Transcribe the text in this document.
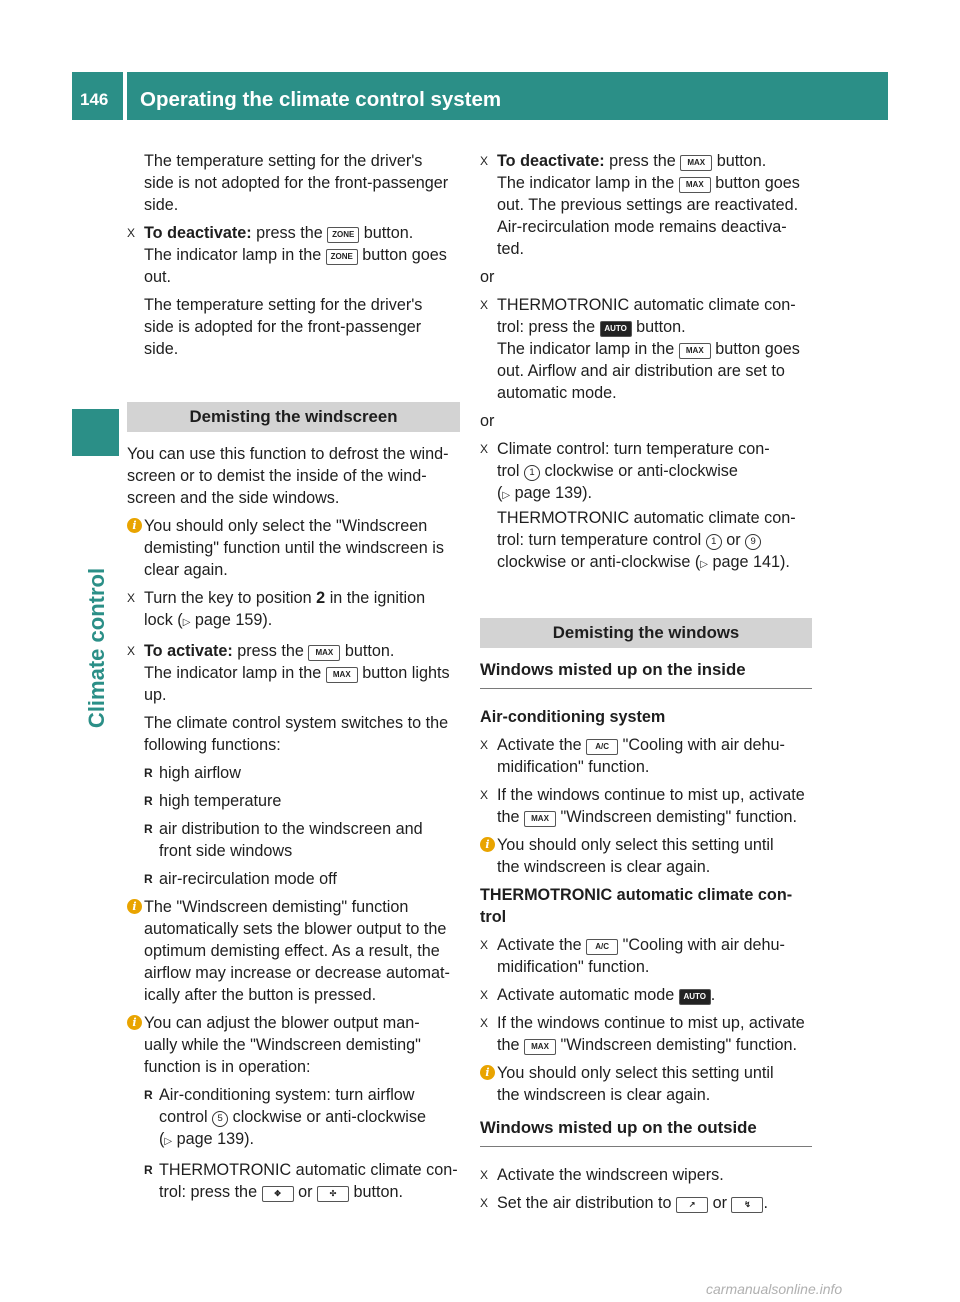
146 Operating the climate control system
Climate control

The temperature setting for the driver's

side is not adopted for the front-passenger

side.

X To deactivate: press the ZONE button.
The indicator lamp in the ZONE button goes
out.
The temperature setting for the driver's
side is adopted for the front-passenger
side.
Demisting the windscreen

You can use this function to defrost the wind-

screen or to demist the inside of the wind-

screen and the side windows.

i You should only select the "Windscreen
demisting" function until the windscreen is
clear again.
X Turn the key to position 2 in the ignition
lock (▷ page 159).
X To activate: press the MAX button.
The indicator lamp in the MAX button lights
up.
The climate control system switches to the
following functions:
R high airflow
R high temperature
R air distribution to the windscreen and
front side windows
R air-recirculation mode off
i The "Windscreen demisting" function
automatically sets the blower output to the
optimum demisting effect. As a result, the
airflow may increase or decrease automat-
ically after the button is pressed.
i You can adjust the blower output man-
ually while the "Windscreen demisting"
function is in operation:
R Air-conditioning system: turn airflow
control 5 clockwise or anti-clockwise
(▷ page 139).
R THERMOTRONIC automatic climate con-
trol: press the ✥ or ✣ button.
X To deactivate: press the MAX button.
The indicator lamp in the MAX button goes
out. The previous settings are reactivated.
Air-recirculation mode remains deactiva-
ted.

or

X THERMOTRONIC automatic climate con-
trol: press the AUTO button.
The indicator lamp in the MAX button goes
out. Airflow and air distribution are set to
automatic mode.

or

X Climate control: turn temperature con-
trol 1 clockwise or anti-clockwise
(▷ page 139).
THERMOTRONIC automatic climate con-
trol: turn temperature control 1 or 9
clockwise or anti-clockwise (▷ page 141).
Demisting the windows
Windows misted up on the inside

Air-conditioning system

X Activate the A/C "Cooling with air dehu-
midification" function.
X If the windows continue to mist up, activate
the MAX "Windscreen demisting" function.
i You should only select this setting until
the windscreen is clear again.

THERMOTRONIC automatic climate con-
trol

X Activate the A/C "Cooling with air dehu-
midification" function.
X Activate automatic mode AUTO .
X If the windows continue to mist up, activate
the MAX "Windscreen demisting" function.
i You should only select this setting until
the windscreen is clear again.
Windows misted up on the outside
X Activate the windscreen wipers.
X Set the air distribution to ↗ or ↯ .
carmanualsonline.info
